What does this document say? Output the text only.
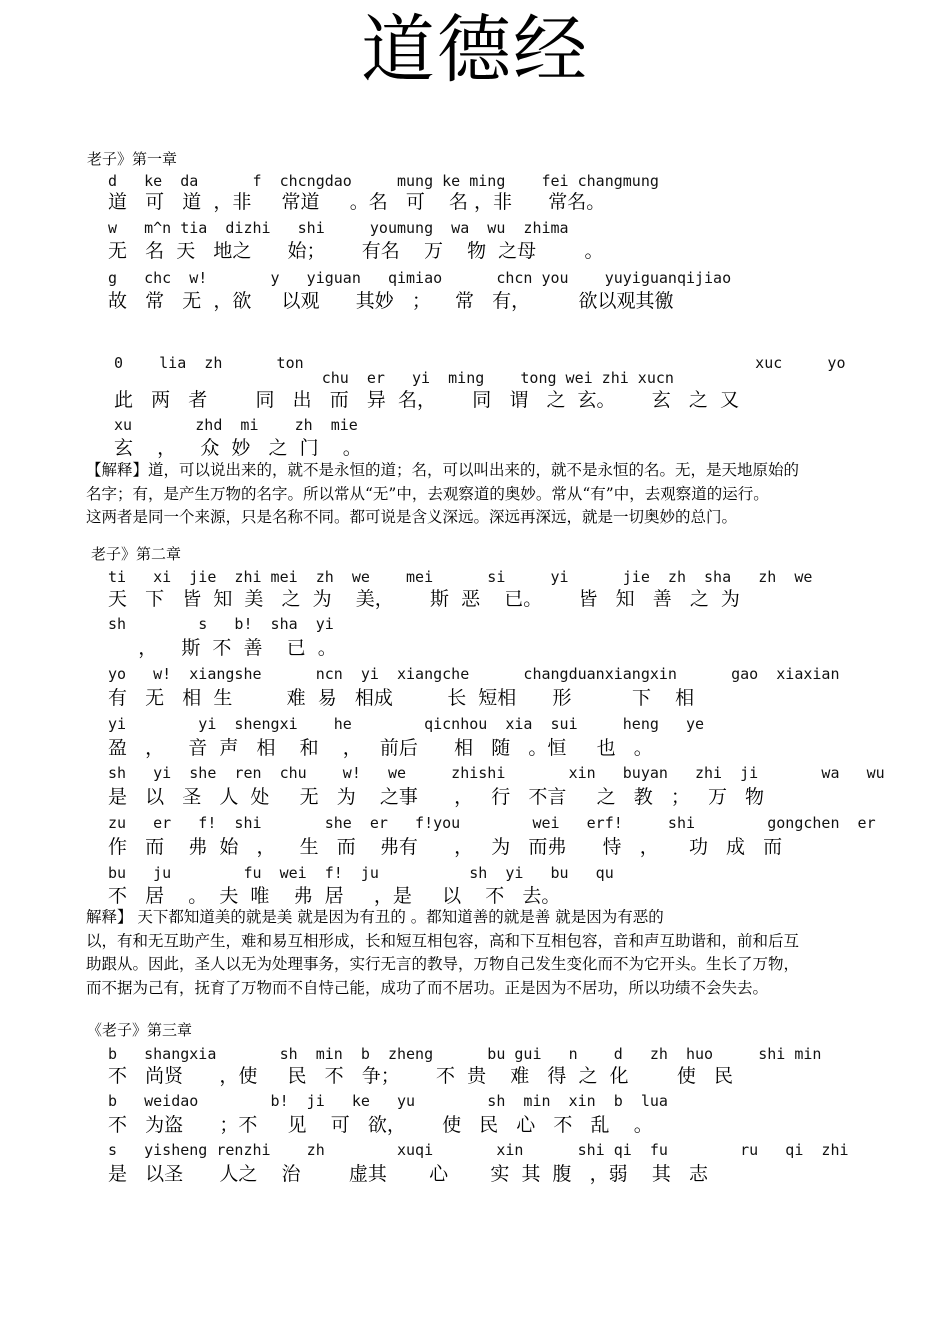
道德经
老子》第一章
d   ke  da      f  chcngdao     mung ke ming    fei changmung
道   可   道  ，非     常道     。名   可    名 ，非      常名。
w   m^n tia  dizhi   shi     youmung  wa  wu  zhima
无   名  天   地之      始；      有名    万    物  之母        。
g   chc  w!       y   yiguan   qimiao      chcn you    yuyiguanqijiao
故   常   无  ，欲     以观      其妙   ；    常   有，        欲以观其徼
0    lia  zh      ton                                                  xuc     yo
chu  er   yi  ming    tong wei zhi xucn
此   两   者        同   出   而   异  名，      同   谓   之  玄。      玄   之  又
xu       zhd  mi    zh  mie
玄    ，    众  妙   之  门    。

【解释】道，可以说出来的，就不是永恒的道；名，可以叫出来的，就不是永恒的名。无，是天地原始的

名字；有，是产生万物的名字。所以常从“无”中，去观察道的奥妙。常从“有”中，去观察道的运行。

这两者是同一个来源，只是名称不同。都可说是含义深远。深远再深远，就是一切奥妙的总门。

老子》第二章
ti   xi  jie  zhi mei  zh  we    mei      si     yi      jie  zh  sha   zh  we
天   下   皆  知  美   之  为    美，      斯  恶    已。      皆   知   善   之  为
sh        s   b!  sha  yi
，    斯  不  善    已  。
yo   w!  xiangshe      ncn  yi  xiangche      changduanxiangxin      gao  xiaxian
有   无   相  生         难  易   相成         长  短相      形          下    相
yi        yi  shengxi    he        qicnhou  xia  sui     heng   ye
盈   ，    音  声   相    和    ，   前后      相   随   。恒     也   。
sh   yi  she  ren  chu    w!   we     zhishi       xin   buyan   zhi  ji       wa   wu
是   以   圣   人  处     无   为    之事      ，   行   不言     之   教   ；   万   物
zu   er   f!  shi       she  er   f!you        wei   erf!     shi        gongchen  er
作   而    弗  始   ，    生   而    弗有      ，   为   而弗      恃   ，     功   成   而
bu   ju        fu  wei  f!  ju          sh  yi   bu   qu
不   居    。  夫  唯    弗  居     ，是     以    不   去。

解释】 天下都知道美的就是美 就是因为有丑的 。都知道善的就是善 就是因为有恶的

以，有和无互助产生，难和易互相形成，长和短互相包容，高和下互相包容，音和声互助谐和，前和后互

助跟从。因此，圣人以无为处理事务，实行无言的教导，万物自己发生变化而不为它开头。生长了万物，

而不据为己有，抚育了万物而不自恃己能，成功了而不居功。正是因为不居功，所以功绩不会失去。

《老子》第三章
b   shangxia       sh  min  b  zheng      bu gui   n    d   zh  huo     shi min
不   尚贤      ，使     民   不   争；      不  贵    难   得  之  化        使   民
b   weidao        b!  ji   ke   yu        sh  min  xin  b  lua
不   为盗      ；不     见    可   欲，      使   民   心   不   乱    。
s   yisheng renzhi    zh        xuqi       xin      shi qi  fu        ru   qi  zhi
是   以圣      人之    治        虚其       心       实  其  腹   ，弱    其   志
